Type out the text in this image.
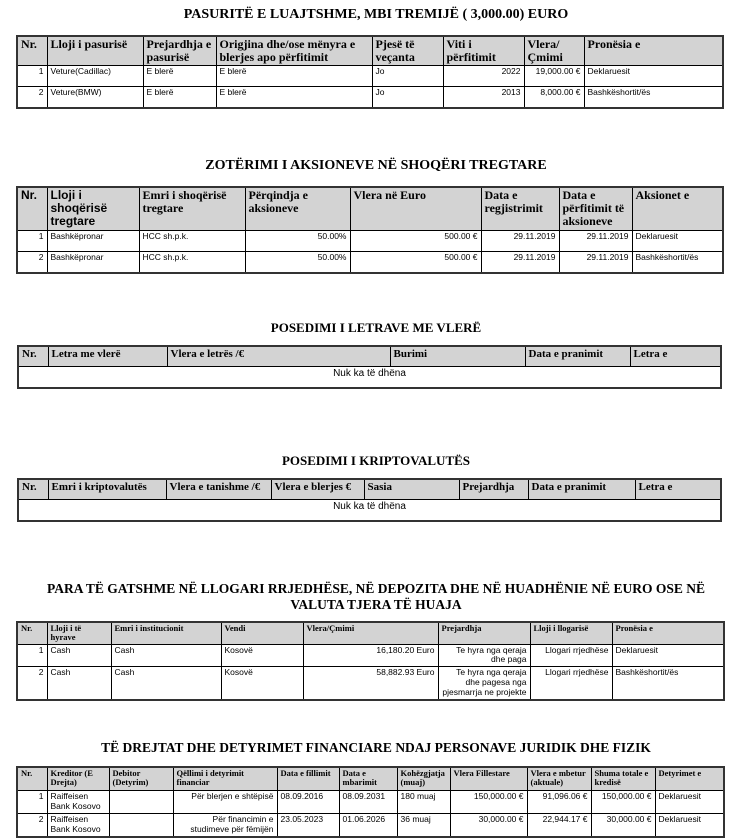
PASURITË E LUAJTSHME, MBI TREMIJË ( 3,000.00) EURO
Nr.	Lloji i pasurisë	Prejardhja e pasurisë	Origjina dhe/ose mënyra e blerjes apo përfitimit	Pjesë të veçanta	Viti i përfitimit	Vlera/Çmimi	Pronësia e
1	Veture(Cadillac)	E blerë	E blerë	Jo	2022	19,000.00 €	Deklaruesit
2	Veture(BMW)	E blerë	E blerë	Jo	2013	8,000.00 €	Bashkëshortit/ës
ZOTËRIMI I AKSIONEVE NË SHOQËRI TREGTARE
Nr.	Lloji i shoqërisë tregtare	Emri i shoqërisë tregtare	Përqindja e aksioneve	Vlera në Euro	Data e regjistrimit	Data e përfitimit të aksioneve	Aksionet e
1	Bashkëpronar	HCC sh.p.k.	50.00%	500.00 €	29.11.2019	29.11.2019	Deklaruesit
2	Bashkëpronar	HCC sh.p.k.	50.00%	500.00 €	29.11.2019	29.11.2019	Bashkëshortit/ës
POSEDIMI I LETRAVE ME VLERË
Nr.	Letra me vlerë	Vlera e letrës /€	Burimi	Data e pranimit	Letra e
Nuk ka të dhëna
POSEDIMI I KRIPTOVALUTËS
Nr.	Emri i kriptovalutës	Vlera e tanishme /€	Vlera e blerjes €	Sasia	Prejardhja	Data e pranimit	Letra e
Nuk ka të dhëna
PARA TË GATSHME NË LLOGARI RRJEDHËSE, NË DEPOZITA DHE NË HUADHËNIE NË EURO OSE NË
VALUTA TJERA TË HUAJA
Nr.	Lloji i të hyrave	Emri i institucionit	Vendi	Vlera/Çmimi	Prejardhja	Lloji i llogarisë	Pronësia e
1	Cash	Cash	Kosovë	16,180.20 Euro	Te hyra nga qeraja dhe paga	Llogari rrjedhëse	Deklaruesit
2	Cash	Cash	Kosovë	58,882.93 Euro	Te hyra nga qeraja dhe pagesa nga pjesmarrja ne projekte	Llogari rrjedhëse	Bashkëshortit/ës
TË DREJTAT DHE DETYRIMET FINANCIARE NDAJ PERSONAVE JURIDIK DHE FIZIK
Nr.	Kreditor (E Drejta)	Debitor (Detyrim)	Qëllimi i detyrimit financiar	Data e fillimit	Data e mbarimit	Kohëzgjatja (muaj)	Vlera Fillestare	Vlera e mbetur (aktuale)	Shuma totale e kredisë	Detyrimet e
1	Raiffeisen Bank Kosovo		Për blerjen e shtëpisë	08.09.2016	08.09.2031	180 muaj	150,000.00 €	91,096.06 €	150,000.00 €	Deklaruesit
2	Raiffeisen Bank Kosovo		Për financimin e studimeve për fëmijën	23.05.2023	01.06.2026	36 muaj	30,000.00 €	22,944.17 €	30,000.00 €	Deklaruesit
